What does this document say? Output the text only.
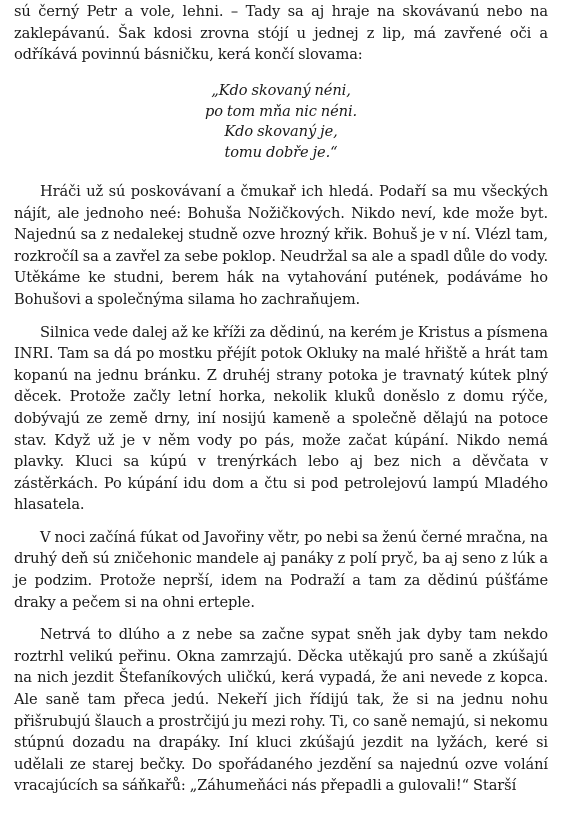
sú černý Petr a vole, lehni. – Tady sa aj hraje na skovávanú nebo na zaklepávanú. Šak kdosi zrovna stójí u jednej z lip, má zavřené oči a odříkává povinnú básničku, kerá končí slovama:

„Kdo skovaný néni,
po tom mňa nic néni.
Kdo skovaný je,
tomu dobře je.“

Hráči už sú poskovávaní a čmukař ich hledá. Podaří sa mu všeckých nájít, ale jednoho neé: Bohuša Nožičkových. Nikdo neví, kde može byt. Najednú sa z nedalekej studně ozve hrozný křik. Bohuš je v ní. Vlézl tam, rozkročíl sa a zavřel za sebe poklop. Neudržal sa ale a spadl důle do vody. Utěkáme ke studni, berem hák na vytahování putének, podáváme ho Bohušovi a společnýma silama ho zachraňujem.

Silnica vede dalej až ke kříži za dědinú, na kerém je Kristus a písmena INRI. Tam sa dá po mostku přéjít potok Okluky na malé hřiště a hrát tam kopanú na jednu bránku. Z druhéj strany potoka je travnatý kútek plný děcek. Protože začly letní horka, nekolik kluků doněslo z domu rýče, dobývajú ze země drny, iní nosijú kameně a společně dělajú na potoce stav. Když už je v něm vody po pás, može začat kúpání. Nikdo nemá plavky. Kluci sa kúpú v trenýrkách lebo aj bez nich a děvčata v zástěrkách. Po kúpání idu dom a čtu si pod petrolejovú lampú Mladého hlasatela.

V noci začíná fúkat od Javořiny větr, po nebi sa ženú černé mračna, na druhý deň sú zničehonic mandele aj panáky z polí pryč, ba aj seno z lúk a je podzim. Protože neprší, idem na Podraží a tam za dědinú púšťáme draky a pečem si na ohni erteple.

Netrvá to dlúho a z nebe sa začne sypat sněh jak dyby tam nekdo roztrhl velikú peřinu. Okna zamrzajú. Děcka utěkajú pro saně a zkúšajú na nich jezdit Štefaníkových uličkú, kerá vypadá, že ani nevede z kopca. Ale saně tam přeca jedú. Nekeří jich řídijú tak, že si na jednu nohu přišrubujú šlauch a prostrčijú ju mezi rohy. Ti, co saně nemajú, si nekomu stúpnú dozadu na drapáky. Iní kluci zkúšajú jezdit na lyžách, keré si udělali ze starej bečky. Do spořádaného jezdění sa najednú ozve volání vracajúcích sa sáňkařů: „Záhumeňáci nás přepadli a gulovali!“ Starší
